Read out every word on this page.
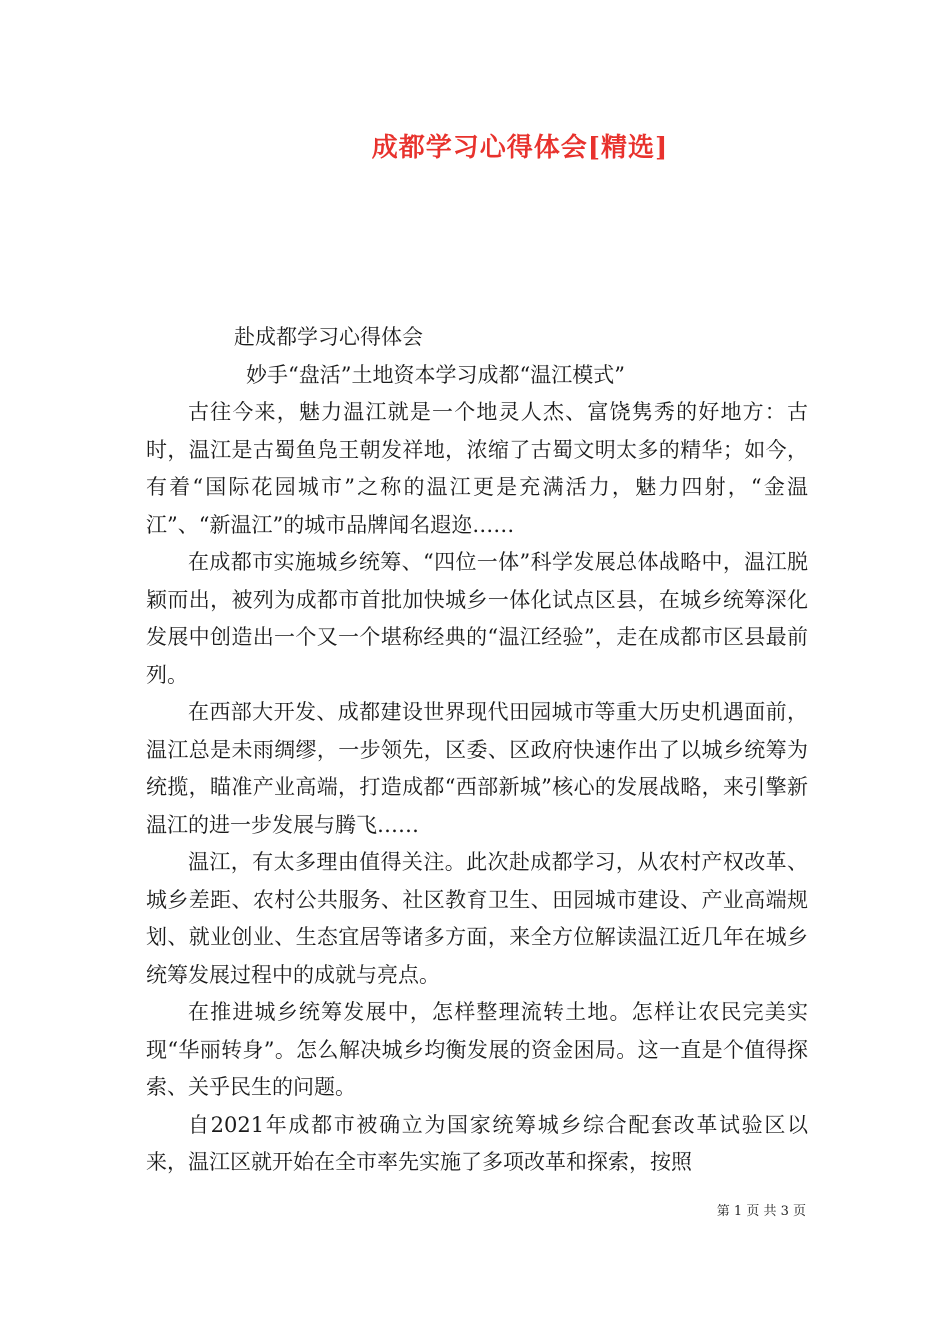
成都学习心得体会[精选]

赴成都学习心得体会

妙手“盘活”土地资本学习成都“温江模式”

古往今来，魅力温江就是一个地灵人杰、富饶隽秀的好地方：古时，温江是古蜀鱼凫王朝发祥地，浓缩了古蜀文明太多的精华；如今，有着“国际花园城市”之称的温江更是充满活力，魅力四射，“金温江”、“新温江”的城市品牌闻名遐迩……

在成都市实施城乡统筹、“四位一体”科学发展总体战略中，温江脱颖而出，被列为成都市首批加快城乡一体化试点区县，在城乡统筹深化发展中创造出一个又一个堪称经典的“温江经验”，走在成都市区县最前列。

在西部大开发、成都建设世界现代田园城市等重大历史机遇面前，温江总是未雨绸缪，一步领先，区委、区政府快速作出了以城乡统筹为统揽，瞄准产业高端，打造成都“西部新城”核心的发展战略，来引擎新温江的进一步发展与腾飞……

温江，有太多理由值得关注。此次赴成都学习，从农村产权改革、城乡差距、农村公共服务、社区教育卫生、田园城市建设、产业高端规划、就业创业、生态宜居等诸多方面，来全方位解读温江近几年在城乡统筹发展过程中的成就与亮点。

在推进城乡统筹发展中，怎样整理流转土地。怎样让农民完美实现“华丽转身”。怎么解决城乡均衡发展的资金困局。这一直是个值得探索、关乎民生的问题。

自2021年成都市被确立为国家统筹城乡综合配套改革试验区以来，温江区就开始在全市率先实施了多项改革和探索，按照

第 1 页 共 3 页
